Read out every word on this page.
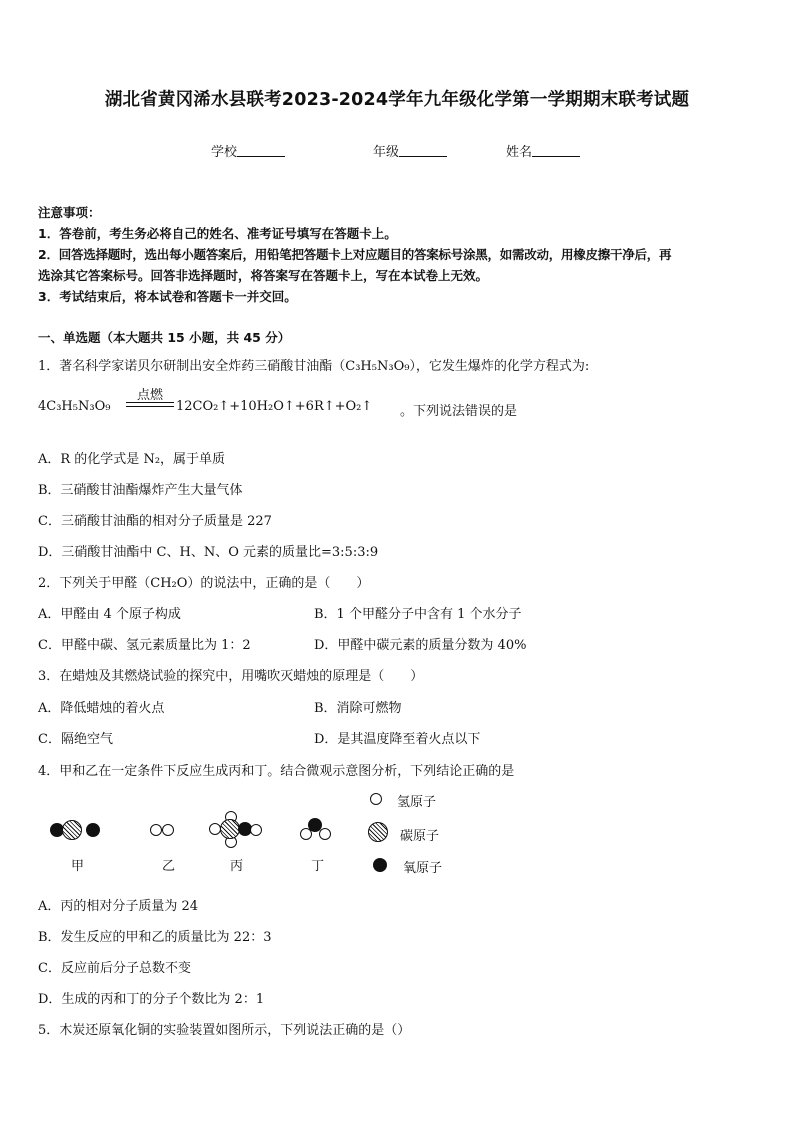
湖北省黄冈浠水县联考2023-2024学年九年级化学第一学期期末联考试题
学校	年级	姓名
注意事项：
1．答卷前，考生务必将自己的姓名、准考证号填写在答题卡上。
2．回答选择题时，选出每小题答案后，用铅笔把答题卡上对应题目的答案标号涂黑，如需改动，用橡皮擦干净后，再
选涂其它答案标号。回答非选择题时，将答案写在答题卡上，写在本试卷上无效。
3．考试结束后，将本试卷和答题卡一并交回。
一、单选题（本大题共 15 小题，共 45 分）
1．著名科学家诺贝尔研制出安全炸药三硝酸甘油酯（C₃H₅N₃O₉），它发生爆炸的化学方程式为:
4C₃H₅N₃O₉
点燃
12CO₂↑+10H₂O↑+6R↑+O₂↑ 。下列说法错误的是
A．R 的化学式是 N₂，属于单质
B．三硝酸甘油酯爆炸产生大量气体
C．三硝酸甘油酯的相对分子质量是 227
D．三硝酸甘油酯中 C、H、N、O 元素的质量比=3:5:3:9
2．下列关于甲醛（CH₂O）的说法中，正确的是（　　）
A．甲醛由 4 个原子构成	B．1 个甲醛分子中含有 1 个水分子
C．甲醛中碳、氢元素质量比为 1：2	D．甲醛中碳元素的质量分数为 40%
3．在蜡烛及其燃烧试验的探究中，用嘴吹灭蜡烛的原理是（　　）
A．降低蜡烛的着火点	B．消除可燃物
C．隔绝空气	D．是其温度降至着火点以下
4．甲和乙在一定条件下反应生成丙和丁。结合微观示意图分析，下列结论正确的是
甲	乙	丙	丁
氢原子
碳原子
氧原子
A．丙的相对分子质量为 24
B．发生反应的甲和乙的质量比为 22：3
C．反应前后分子总数不变
D．生成的丙和丁的分子个数比为 2：1
5．木炭还原氧化铜的实验装置如图所示，下列说法正确的是（）
